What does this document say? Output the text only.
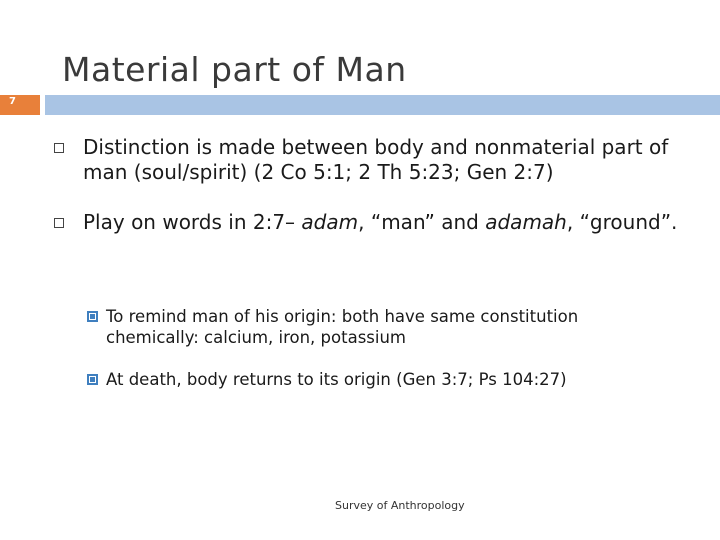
Material part of Man
7
Distinction is made between body and nonmaterial part of man (soul/spirit) (2 Co 5:1; 2 Th 5:23; Gen 2:7)
Play on words in 2:7– adam, “man” and adamah, “ground”.
To remind man of his origin: both have same constitution chemically: calcium, iron, potassium
At death, body returns to its origin (Gen 3:7; Ps 104:27)
Survey of Anthropology
